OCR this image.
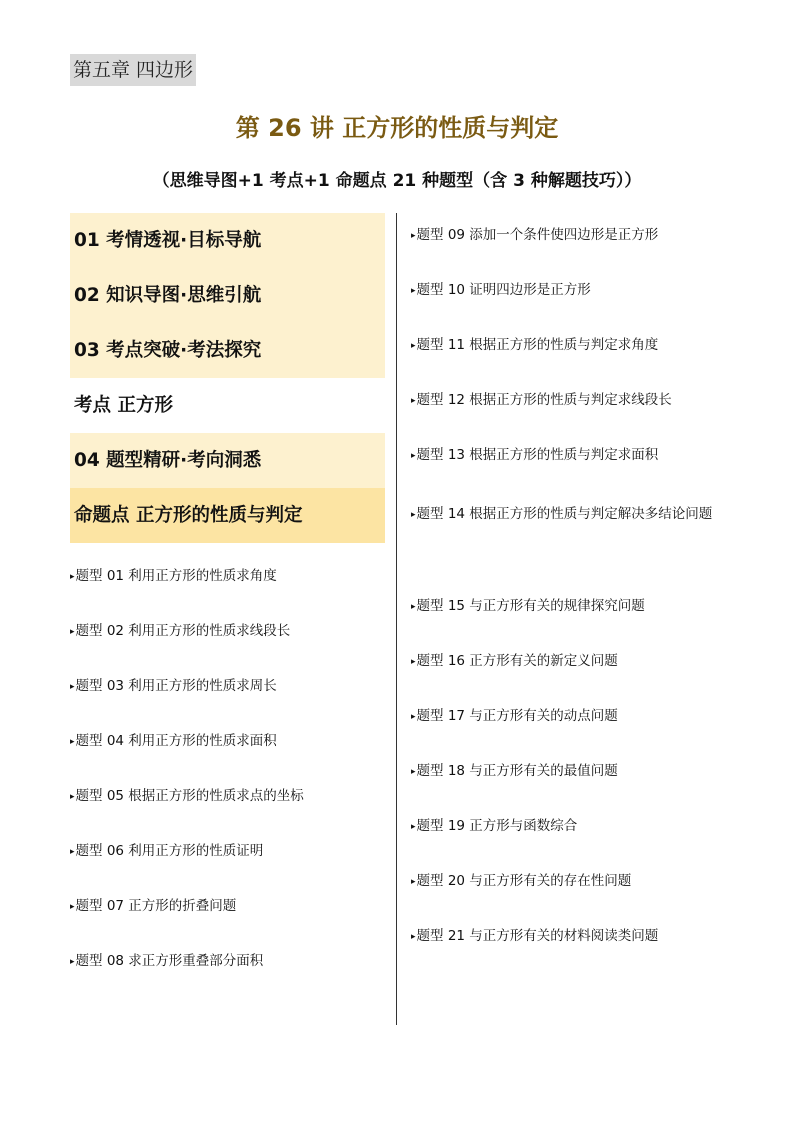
第五章 四边形
第 26 讲 正方形的性质与判定
（思维导图+1 考点+1 命题点 21 种题型（含 3 种解题技巧））
01 考情透视·目标导航
02 知识导图·思维引航
03 考点突破·考法探究
考点 正方形
04 题型精研·考向洞悉
命题点 正方形的性质与判定
▸题型 01 利用正方形的性质求角度
▸题型 02 利用正方形的性质求线段长
▸题型 03 利用正方形的性质求周长
▸题型 04 利用正方形的性质求面积
▸题型 05 根据正方形的性质求点的坐标
▸题型 06 利用正方形的性质证明
▸题型 07 正方形的折叠问题
▸题型 08 求正方形重叠部分面积
▸题型 09 添加一个条件使四边形是正方形
▸题型 10 证明四边形是正方形
▸题型 11 根据正方形的性质与判定求角度
▸题型 12 根据正方形的性质与判定求线段长
▸题型 13 根据正方形的性质与判定求面积
▸题型 14 根据正方形的性质与判定解决多结论问题
▸题型 15 与正方形有关的规律探究问题
▸题型 16 正方形有关的新定义问题
▸题型 17 与正方形有关的动点问题
▸题型 18 与正方形有关的最值问题
▸题型 19 正方形与函数综合
▸题型 20 与正方形有关的存在性问题
▸题型 21 与正方形有关的材料阅读类问题
